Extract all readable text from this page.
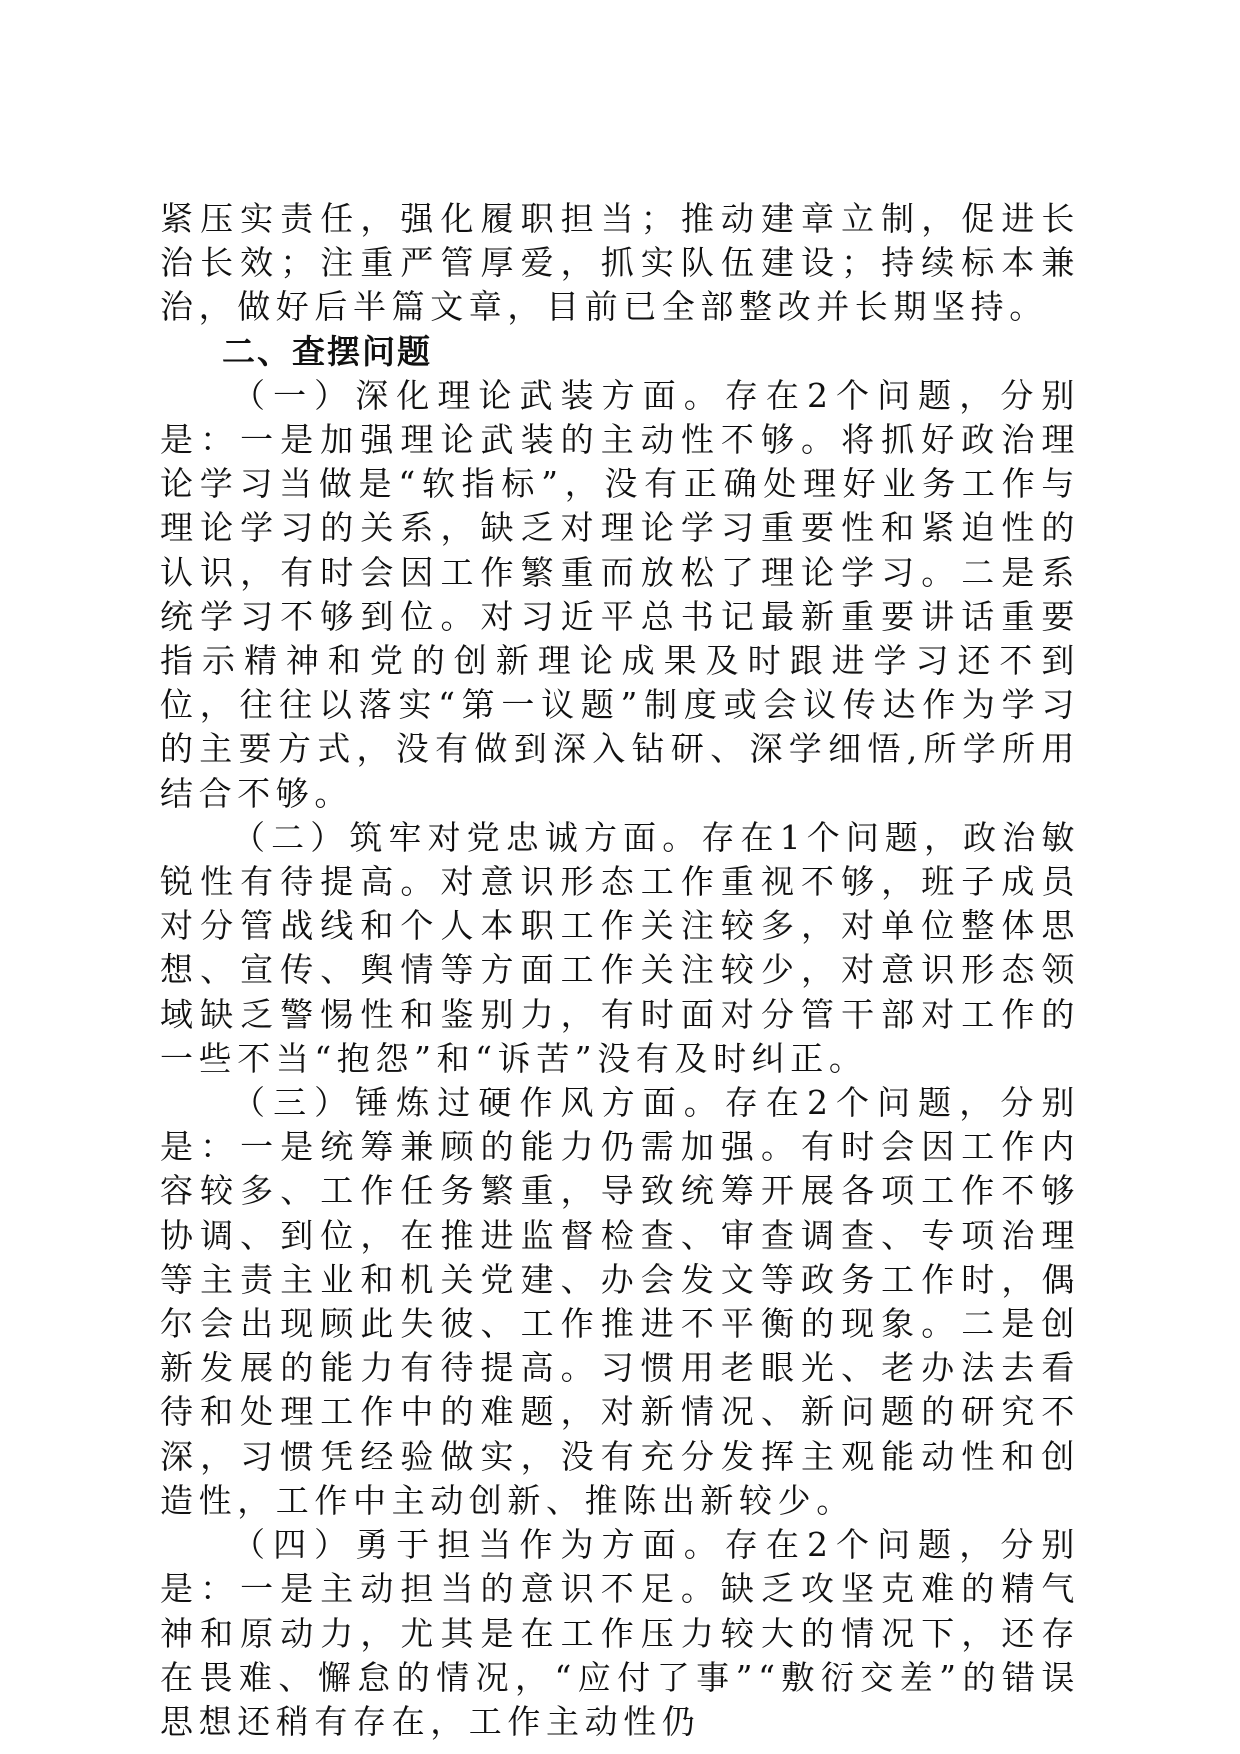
紧压实责任，强化履职担当；推动建章立制，促进长治长效；注重严管厚爱，抓实队伍建设；持续标本兼治，做好后半篇文章，目前已全部整改并长期坚持。

二、查摆问题

（一）深化理论武装方面。存在2个问题，分别是：一是加强理论武装的主动性不够。将抓好政治理论学习当做是“软指标”，没有正确处理好业务工作与理论学习的关系，缺乏对理论学习重要性和紧迫性的认识，有时会因工作繁重而放松了理论学习。二是系统学习不够到位。对习近平总书记最新重要讲话重要指示精神和党的创新理论成果及时跟进学习还不到位，往往以落实“第一议题”制度或会议传达作为学习的主要方式，没有做到深入钻研、深学细悟,所学所用结合不够。

（二）筑牢对党忠诚方面。存在1个问题，政治敏锐性有待提高。对意识形态工作重视不够，班子成员对分管战线和个人本职工作关注较多，对单位整体思想、宣传、舆情等方面工作关注较少，对意识形态领域缺乏警惕性和鉴别力，有时面对分管干部对工作的一些不当“抱怨”和“诉苦”没有及时纠正。

（三）锤炼过硬作风方面。存在2个问题，分别是：一是统筹兼顾的能力仍需加强。有时会因工作内容较多、工作任务繁重，导致统筹开展各项工作不够协调、到位，在推进监督检查、审查调查、专项治理等主责主业和机关党建、办会发文等政务工作时，偶尔会出现顾此失彼、工作推进不平衡的现象。二是创新发展的能力有待提高。习惯用老眼光、老办法去看待和处理工作中的难题，对新情况、新问题的研究不深，习惯凭经验做实，没有充分发挥主观能动性和创造性，工作中主动创新、推陈出新较少。

（四）勇于担当作为方面。存在2个问题，分别是：一是主动担当的意识不足。缺乏攻坚克难的精气神和原动力，尤其是在工作压力较大的情况下，还存在畏难、懈怠的情况，“应付了事”“敷衍交差”的错误思想还稍有存在，工作主动性仍
